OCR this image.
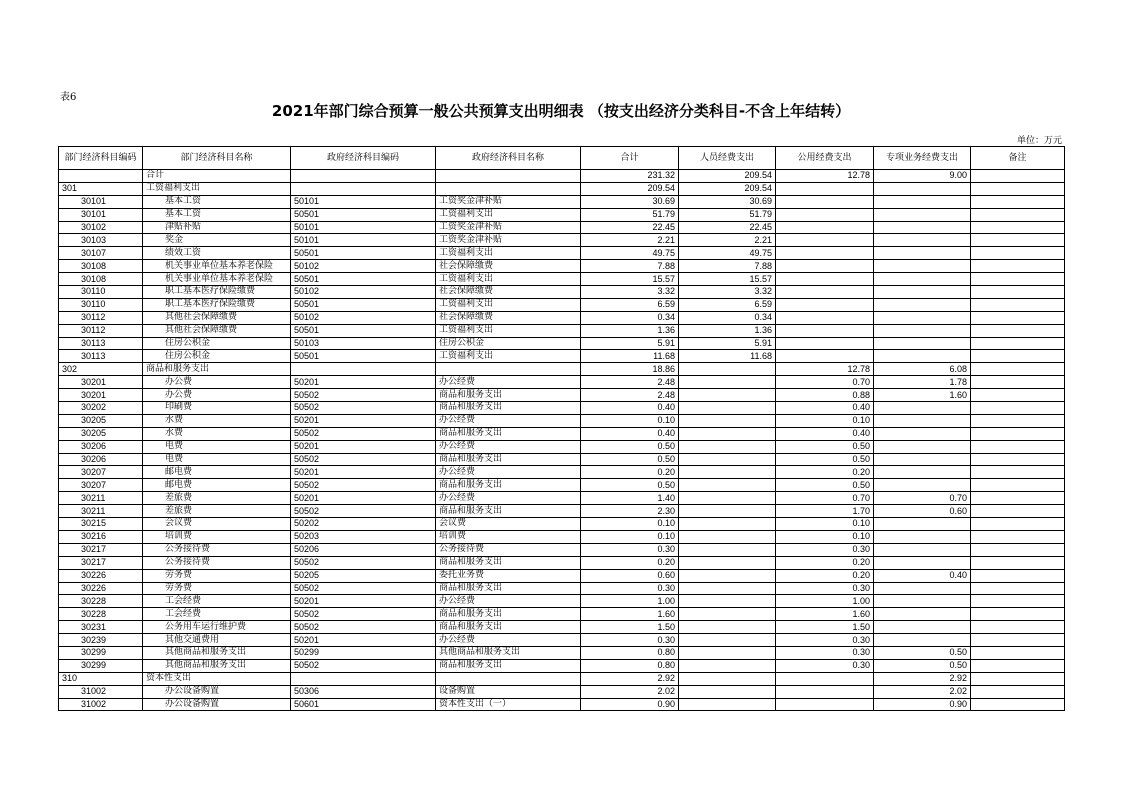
表6
2021年部门综合预算一般公共预算支出明细表 （按支出经济分类科目-不含上年结转）
单位：万元
部门经济科目编码	部门经济科目名称	政府经济科目编码	政府经济科目名称	合计	人员经费支出	公用经费支出	专项业务经费支出	备注
	合计			231.32	209.54	12.78	9.00	
301	工资福利支出			209.54	209.54			
30101	基本工资	50101	工资奖金津补贴	30.69	30.69			
30101	基本工资	50501	工资福利支出	51.79	51.79			
30102	津贴补贴	50101	工资奖金津补贴	22.45	22.45			
30103	奖金	50101	工资奖金津补贴	2.21	2.21			
30107	绩效工资	50501	工资福利支出	49.75	49.75			
30108	机关事业单位基本养老保险	50102	社会保障缴费	7.88	7.88			
30108	机关事业单位基本养老保险	50501	工资福利支出	15.57	15.57			
30110	职工基本医疗保险缴费	50102	社会保障缴费	3.32	3.32			
30110	职工基本医疗保险缴费	50501	工资福利支出	6.59	6.59			
30112	其他社会保障缴费	50102	社会保障缴费	0.34	0.34			
30112	其他社会保障缴费	50501	工资福利支出	1.36	1.36			
30113	住房公积金	50103	住房公积金	5.91	5.91			
30113	住房公积金	50501	工资福利支出	11.68	11.68			
302	商品和服务支出			18.86		12.78	6.08	
30201	办公费	50201	办公经费	2.48		0.70	1.78	
30201	办公费	50502	商品和服务支出	2.48		0.88	1.60	
30202	印刷费	50502	商品和服务支出	0.40		0.40		
30205	水费	50201	办公经费	0.10		0.10		
30205	水费	50502	商品和服务支出	0.40		0.40		
30206	电费	50201	办公经费	0.50		0.50		
30206	电费	50502	商品和服务支出	0.50		0.50		
30207	邮电费	50201	办公经费	0.20		0.20		
30207	邮电费	50502	商品和服务支出	0.50		0.50		
30211	差旅费	50201	办公经费	1.40		0.70	0.70	
30211	差旅费	50502	商品和服务支出	2.30		1.70	0.60	
30215	会议费	50202	会议费	0.10		0.10		
30216	培训费	50203	培训费	0.10		0.10		
30217	公务接待费	50206	公务接待费	0.30		0.30		
30217	公务接待费	50502	商品和服务支出	0.20		0.20		
30226	劳务费	50205	委托业务费	0.60		0.20	0.40	
30226	劳务费	50502	商品和服务支出	0.30		0.30		
30228	工会经费	50201	办公经费	1.00		1.00		
30228	工会经费	50502	商品和服务支出	1.60		1.60		
30231	公务用车运行维护费	50502	商品和服务支出	1.50		1.50		
30239	其他交通费用	50201	办公经费	0.30		0.30		
30299	其他商品和服务支出	50299	其他商品和服务支出	0.80		0.30	0.50	
30299	其他商品和服务支出	50502	商品和服务支出	0.80		0.30	0.50	
310	资本性支出			2.92			2.92	
31002	办公设备购置	50306	设备购置	2.02			2.02	
31002	办公设备购置	50601	资本性支出（一）	0.90			0.90	
